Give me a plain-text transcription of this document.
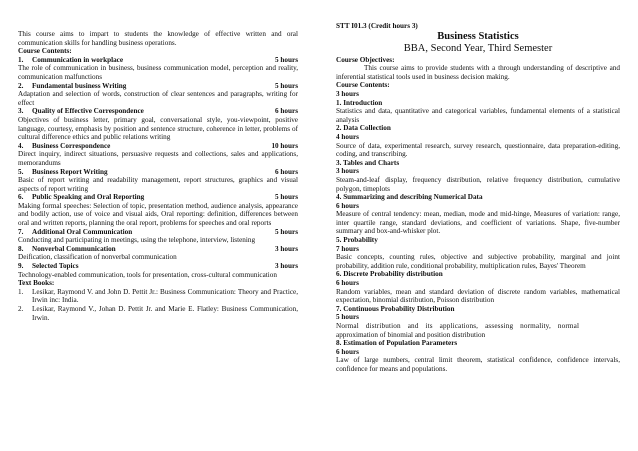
This course aims to impart to students the knowledge of effective written and oral communication skills for handling business operations.
Course Contents:
1.	Communication in workplace	5 hours
The role of communication in business, business communication model, perception and reality, communication malfunctions
2.	Fundamental business Writing	5 hours
Adaptation and selection of words, construction of clear sentences and paragraphs, writing for effect
3.	Quality of Effective Correspondence	6 hours
Objectives of business letter, primary goal, conversational style, you-viewpoint, positive language, courtesy, emphasis by position and sentence structure, coherence in letter, problems of cultural difference ethics and public relations writing
4.	Business Correspondence	10 hours
Direct inquiry, indirect situations, persuasive requests and collections, sales and applications, memorandums
5.	Business Report Writing	6 hours
Basic of report writing and readability management, report structures, graphics and visual aspects of report writing
6.	Public Speaking and Oral Reporting	5 hours
Making formal speeches: Selection of topic, presentation method, audience analysis, appearance and bodily action, use of voice and visual aids, Oral reporting: definition, differences between oral and written reports, planning the oral report, problems for speeches and oral reports
7.	Additional Oral Communication	5 hours
Conducting and participating in meetings, using the telephone, interview, listening
8.	Nonverbal Communication	3 hours
Deification, classification of nonverbal communication
9.	Selected Topics	3 hours
Technology-enabled communication, tools for presentation, cross-cultural communication
Text Books:
1.	Lesikar, Raymond V. and John D. Pettit Jr.: Business Communication: Theory and Practice, Irwin inc: India.
2.	Lesikar, Raymond V., Johan D. Pettit Jr. and Marie E. Flatley: Business Communication, Irwin.
STT I01.3 (Credit hours 3)
Business Statistics
BBA, Second Year, Third Semester
Course Objectives:
This course aims to provide students with a through understanding of descriptive and inferential statistical tools used in business decision making.
Course Contents:
3 hours
1. Introduction
Statistics and data, quantitative and categorical variables, fundamental elements of a statistical analysis
2. Data Collection
4 hours
Source of data, experimental research, survey research, questionnaire, data preparation-editing, coding, and transcribing.
3. Tables and Charts
3 hours
Steam-and-leaf display, frequency distribution, relative frequency distribution, cumulative polygon, timeplots
4. Summarizing and describing Numerical Data
6 hours
Measure of central tendency: mean, median, mode and mid-hinge, Measures of variation: range, inter quartile range, standard deviations, and coefficient of variations. Shape, five-number summary and box-and-whisker plot.
5. Probability
7 hours
Basic concepts, counting rules, objective and subjective probability, marginal and joint probability, addition rule, conditional probability, multiplication rules, Bayes' Theorem
6. Discrete Probability distribution
6 hours
Random variables, mean and standard deviation of discrete random variables, mathematical expectation, binomial distribution, Poisson distribution
7. Continuous Probability Distribution
5 hours
Normal distribution and its applications, assessing normality, normal
approximation of binomial and position distribution
8. Estimation of Population Parameters
6 hours
Law of large numbers, central limit theorem, statistical confidence, confidence intervals, confidence for means and populations.
